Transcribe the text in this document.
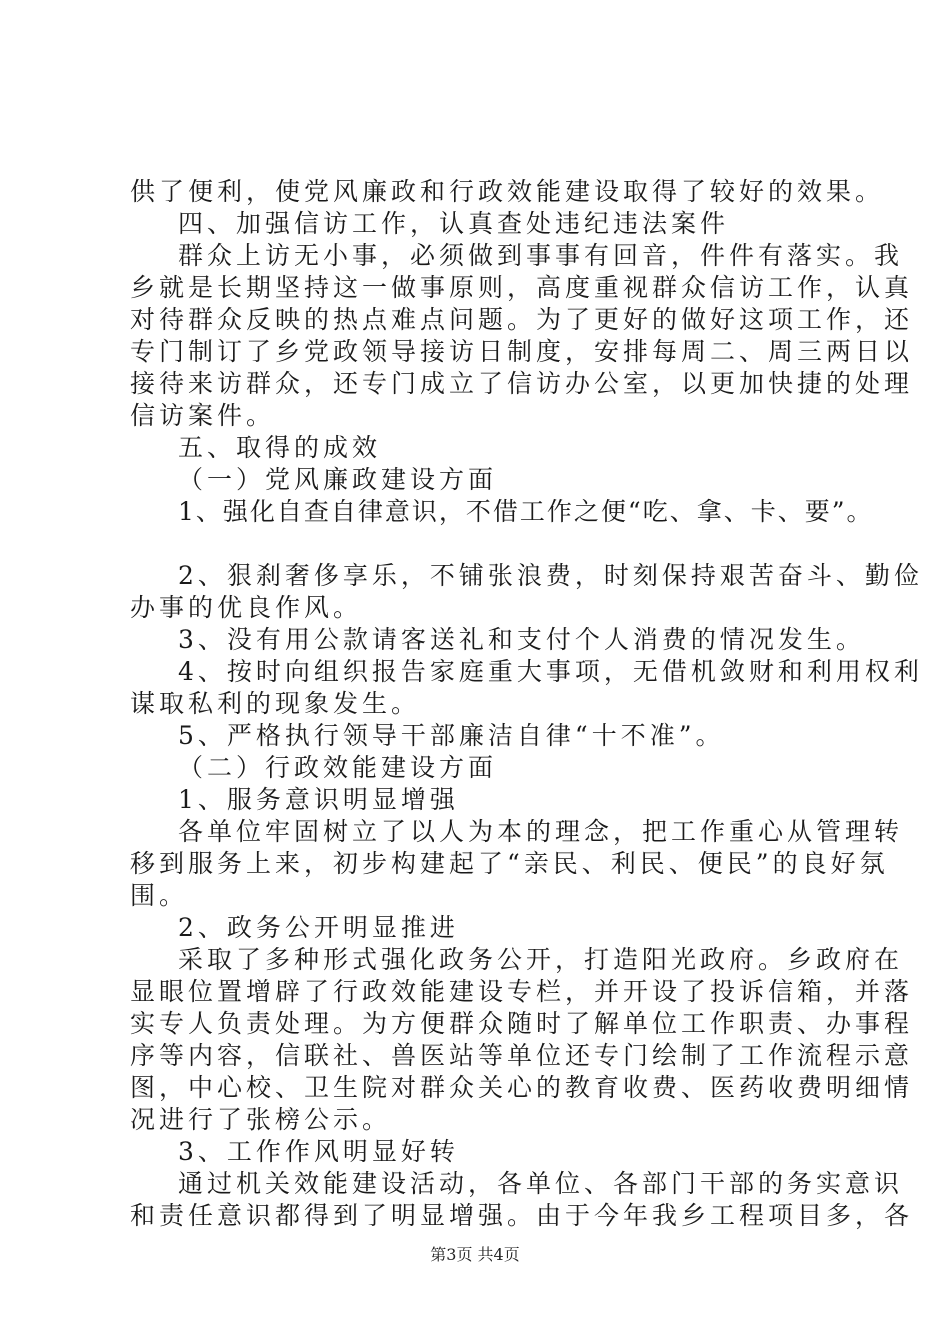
供了便利，使党风廉政和行政效能建设取得了较好的效果。
四、加强信访工作，认真查处违纪违法案件
群众上访无小事，必须做到事事有回音，件件有落实。我
乡就是长期坚持这一做事原则，高度重视群众信访工作，认真
对待群众反映的热点难点问题。为了更好的做好这项工作，还
专门制订了乡党政领导接访日制度，安排每周二、周三两日以
接待来访群众，还专门成立了信访办公室，以更加快捷的处理
信访案件。
五、取得的成效
（一）党风廉政建设方面
1、强化自查自律意识，不借工作之便“吃、拿、卡、要”。
2、狠刹奢侈享乐，不铺张浪费，时刻保持艰苦奋斗、勤俭
办事的优良作风。
3、没有用公款请客送礼和支付个人消费的情况发生。
4、按时向组织报告家庭重大事项，无借机敛财和利用权利
谋取私利的现象发生。
5、严格执行领导干部廉洁自律“十不准”。
（二）行政效能建设方面
1、服务意识明显增强
各单位牢固树立了以人为本的理念，把工作重心从管理转
移到服务上来，初步构建起了“亲民、利民、便民”的良好氛
围。
2、政务公开明显推进
采取了多种形式强化政务公开，打造阳光政府。乡政府在
显眼位置增辟了行政效能建设专栏，并开设了投诉信箱，并落
实专人负责处理。为方便群众随时了解单位工作职责、办事程
序等内容，信联社、兽医站等单位还专门绘制了工作流程示意
图，中心校、卫生院对群众关心的教育收费、医药收费明细情
况进行了张榜公示。
3、工作作风明显好转
通过机关效能建设活动，各单位、各部门干部的务实意识
和责任意识都得到了明显增强。由于今年我乡工程项目多，各
第3页 共4页
